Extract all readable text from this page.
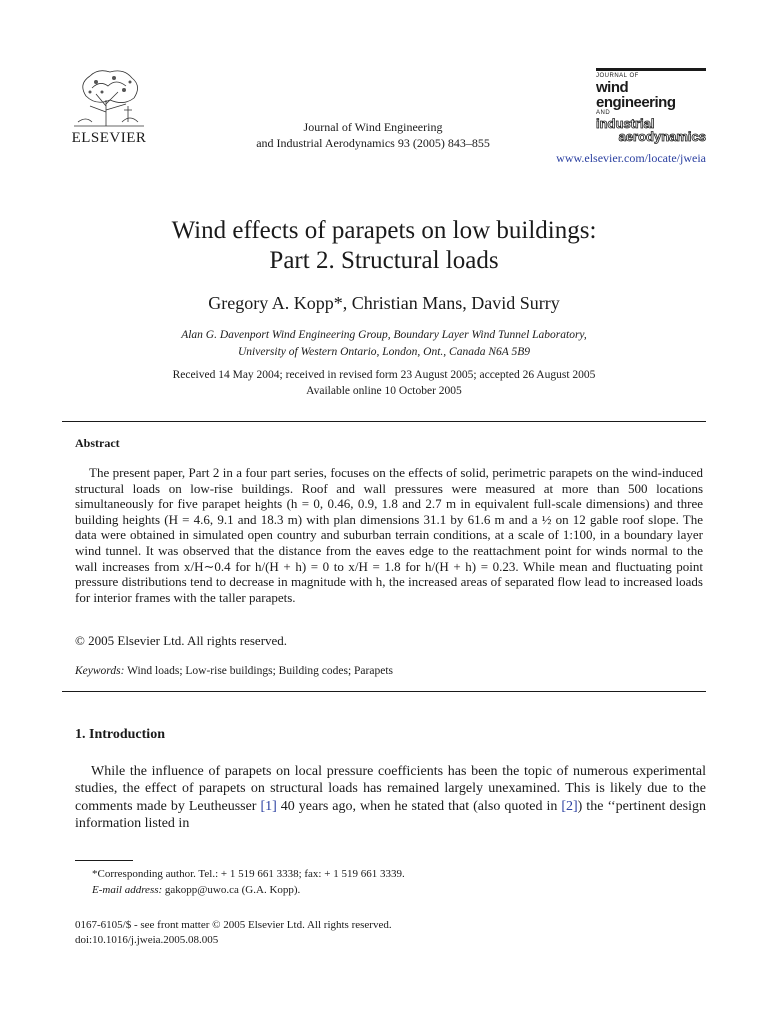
ELSEVIER
Journal of Wind Engineering
and Industrial Aerodynamics 93 (2005) 843–855
JOURNAL OF
wind engineering
AND
industrial
aerodynamics
www.elsevier.com/locate/jweia
Wind effects of parapets on low buildings:
Part 2. Structural loads
Gregory A. Kopp*, Christian Mans, David Surry
Alan G. Davenport Wind Engineering Group, Boundary Layer Wind Tunnel Laboratory,
University of Western Ontario, London, Ont., Canada N6A 5B9
Received 14 May 2004; received in revised form 23 August 2005; accepted 26 August 2005
Available online 10 October 2005
Abstract

The present paper, Part 2 in a four part series, focuses on the effects of solid, perimetric parapets on the wind-induced structural loads on low-rise buildings. Roof and wall pressures were measured at more than 500 locations simultaneously for five parapet heights (h = 0, 0.46, 0.9, 1.8 and 2.7 m in equivalent full-scale dimensions) and three building heights (H = 4.6, 9.1 and 18.3 m) with plan dimensions 31.1 by 61.6 m and a ½ on 12 gable roof slope. The data were obtained in simulated open country and suburban terrain conditions, at a scale of 1:100, in a boundary layer wind tunnel. It was observed that the distance from the eaves edge to the reattachment point for winds normal to the wall increases from x/H∼0.4 for h/(H + h) = 0 to x/H = 1.8 for h/(H + h) = 0.23. While mean and fluctuating point pressure distributions tend to decrease in magnitude with h, the increased areas of separated flow lead to increased loads for interior frames with the taller parapets.

© 2005 Elsevier Ltd. All rights reserved.
Keywords: Wind loads; Low-rise buildings; Building codes; Parapets
1. Introduction

While the influence of parapets on local pressure coefficients has been the topic of numerous experimental studies, the effect of parapets on structural loads has remained largely unexamined. This is likely due to the comments made by Leutheusser [1] 40 years ago, when he stated that (also quoted in [2]) the ‘‘pertinent design information listed in

*Corresponding author. Tel.: + 1 519 661 3338; fax: + 1 519 661 3339.
E-mail address: gakopp@uwo.ca (G.A. Kopp).
0167-6105/$ - see front matter © 2005 Elsevier Ltd. All rights reserved.
doi:10.1016/j.jweia.2005.08.005
